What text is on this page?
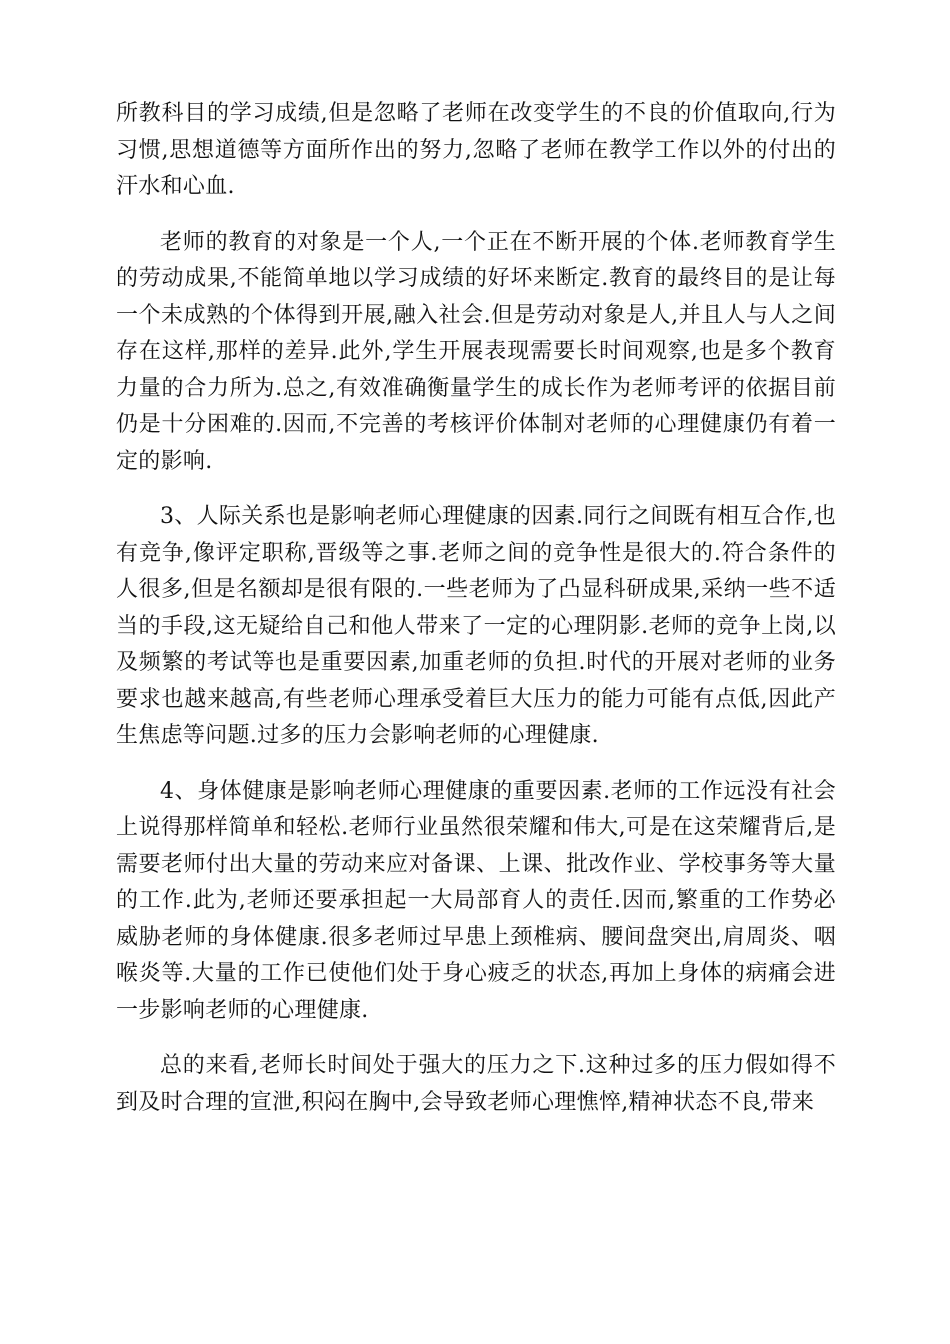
所教科目的学习成绩,但是忽略了老师在改变学生的不良的价值取向,行为习惯,思想道德等方面所作出的努力,忽略了老师在教学工作以外的付出的汗水和心血.

老师的教育的对象是一个人,一个正在不断开展的个体.老师教育学生的劳动成果,不能简单地以学习成绩的好坏来断定.教育的最终目的是让每一个未成熟的个体得到开展,融入社会.但是劳动对象是人,并且人与人之间存在这样,那样的差异.此外,学生开展表现需要长时间观察,也是多个教育力量的合力所为.总之,有效准确衡量学生的成长作为老师考评的依据目前仍是十分困难的.因而,不完善的考核评价体制对老师的心理健康仍有着一定的影响.

3、人际关系也是影响老师心理健康的因素.同行之间既有相互合作,也有竞争,像评定职称,晋级等之事.老师之间的竞争性是很大的.符合条件的人很多,但是名额却是很有限的.一些老师为了凸显科研成果,采纳一些不适当的手段,这无疑给自己和他人带来了一定的心理阴影.老师的竞争上岗,以及频繁的考试等也是重要因素,加重老师的负担.时代的开展对老师的业务要求也越来越高,有些老师心理承受着巨大压力的能力可能有点低,因此产生焦虑等问题.过多的压力会影响老师的心理健康.

4、身体健康是影响老师心理健康的重要因素.老师的工作远没有社会上说得那样简单和轻松.老师行业虽然很荣耀和伟大,可是在这荣耀背后,是需要老师付出大量的劳动来应对备课、上课、批改作业、学校事务等大量的工作.此为,老师还要承担起一大局部育人的责任.因而,繁重的工作势必威胁老师的身体健康.很多老师过早患上颈椎病、腰间盘突出,肩周炎、咽喉炎等.大量的工作已使他们处于身心疲乏的状态,再加上身体的病痛会进一步影响老师的心理健康.

总的来看,老师长时间处于强大的压力之下.这种过多的压力假如得不到及时合理的宣泄,积闷在胸中,会导致老师心理憔悴,精神状态不良,带来
